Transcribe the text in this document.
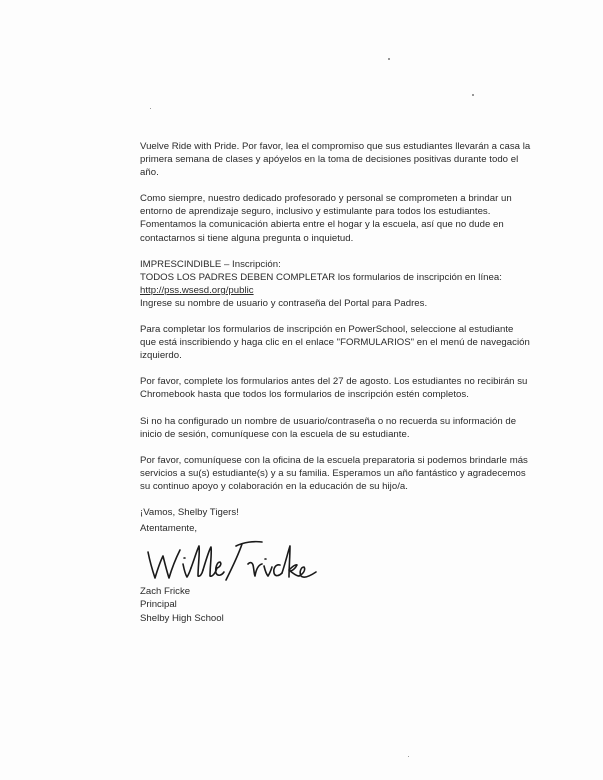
Vuelve Ride with Pride. Por favor, lea el compromiso que sus estudiantes llevarán a casa la
primera semana de clases y apóyelos en la toma de decisiones positivas durante todo el
año.

Como siempre, nuestro dedicado profesorado y personal se comprometen a brindar un
entorno de aprendizaje seguro, inclusivo y estimulante para todos los estudiantes.
Fomentamos la comunicación abierta entre el hogar y la escuela, así que no dude en
contactarnos si tiene alguna pregunta o inquietud.

IMPRESCINDIBLE – Inscripción:
TODOS LOS PADRES DEBEN COMPLETAR los formularios de inscripción en línea:
http://pss.wsesd.org/public
Ingrese su nombre de usuario y contraseña del Portal para Padres.

Para completar los formularios de inscripción en PowerSchool, seleccione al estudiante
que está inscribiendo y haga clic en el enlace "FORMULARIOS" en el menú de navegación
izquierdo.

Por favor, complete los formularios antes del 27 de agosto. Los estudiantes no recibirán su
Chromebook hasta que todos los formularios de inscripción estén completos.

Si no ha configurado un nombre de usuario/contraseña o no recuerda su información de
inicio de sesión, comuníquese con la escuela de su estudiante.

Por favor, comuníquese con la oficina de la escuela preparatoria si podemos brindarle más
servicios a su(s) estudiante(s) y a su familia. Esperamos un año fantástico y agradecemos
su continuo apoyo y colaboración en la educación de su hijo/a.

¡Vamos, Shelby Tigers!

Atentamente,
Zach Fricke
Principal
Shelby High School
